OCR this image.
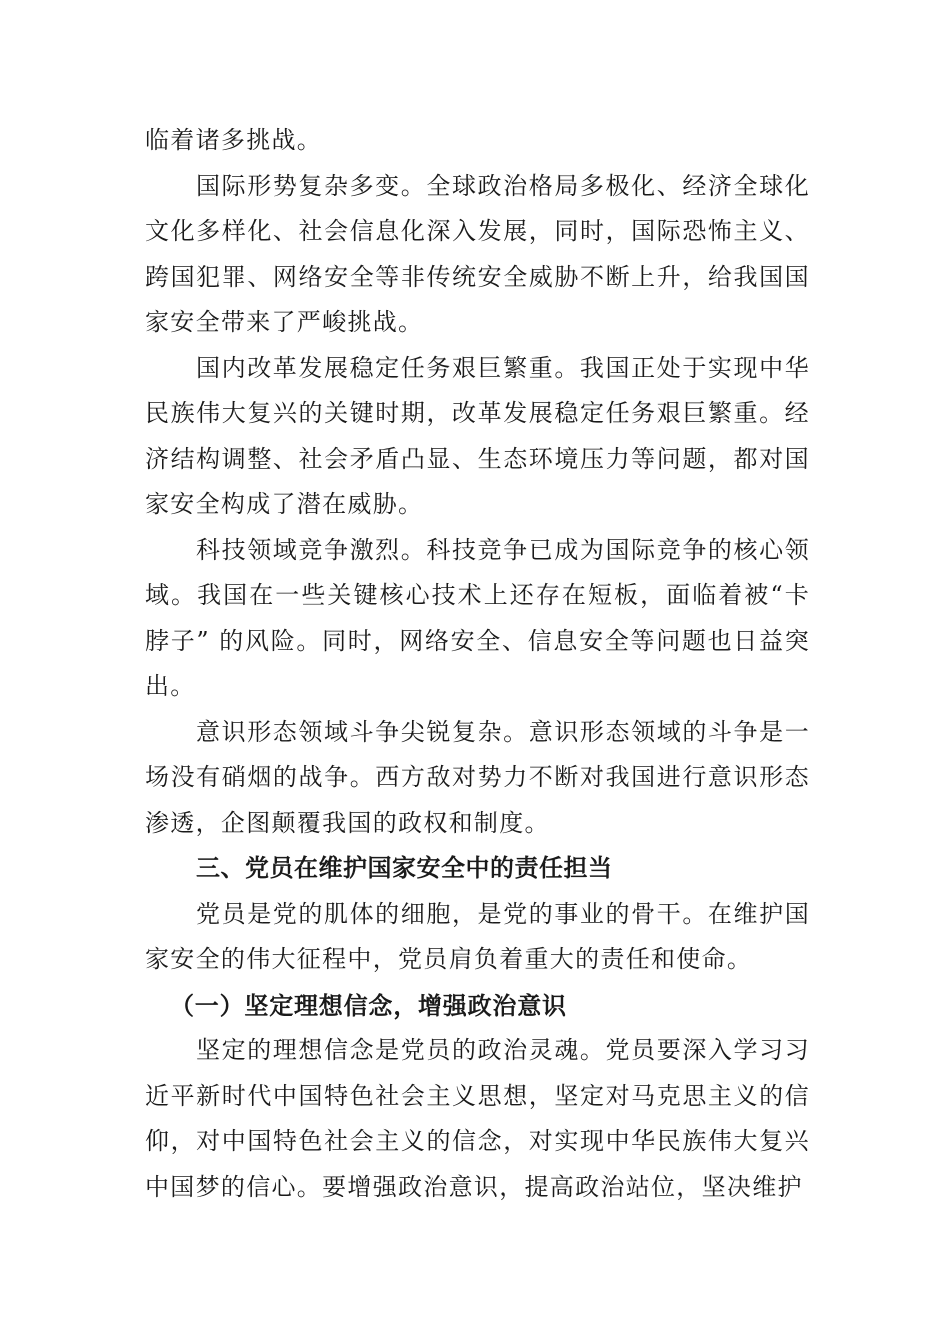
临着诸多挑战。

国际形势复杂多变。全球政治格局多极化、经济全球化文化多样化、社会信息化深入发展，同时，国际恐怖主义、跨国犯罪、网络安全等非传统安全威胁不断上升，给我国国家安全带来了严峻挑战。

国内改革发展稳定任务艰巨繁重。我国正处于实现中华民族伟大复兴的关键时期，改革发展稳定任务艰巨繁重。经济结构调整、社会矛盾凸显、生态环境压力等问题，都对国家安全构成了潜在威胁。

科技领域竞争激烈。科技竞争已成为国际竞争的核心领域。我国在一些关键核心技术上还存在短板，面临着被“卡脖子” 的风险。同时，网络安全、信息安全等问题也日益突出。

意识形态领域斗争尖锐复杂。意识形态领域的斗争是一场没有硝烟的战争。西方敌对势力不断对我国进行意识形态渗透，企图颠覆我国的政权和制度。

三、党员在维护国家安全中的责任担当

党员是党的肌体的细胞，是党的事业的骨干。在维护国家安全的伟大征程中，党员肩负着重大的责任和使命。

（一）坚定理想信念，增强政治意识

坚定的理想信念是党员的政治灵魂。党员要深入学习习近平新时代中国特色社会主义思想，坚定对马克思主义的信仰，对中国特色社会主义的信念，对实现中华民族伟大复兴中国梦的信心。要增强政治意识，提高政治站位，坚决维护
